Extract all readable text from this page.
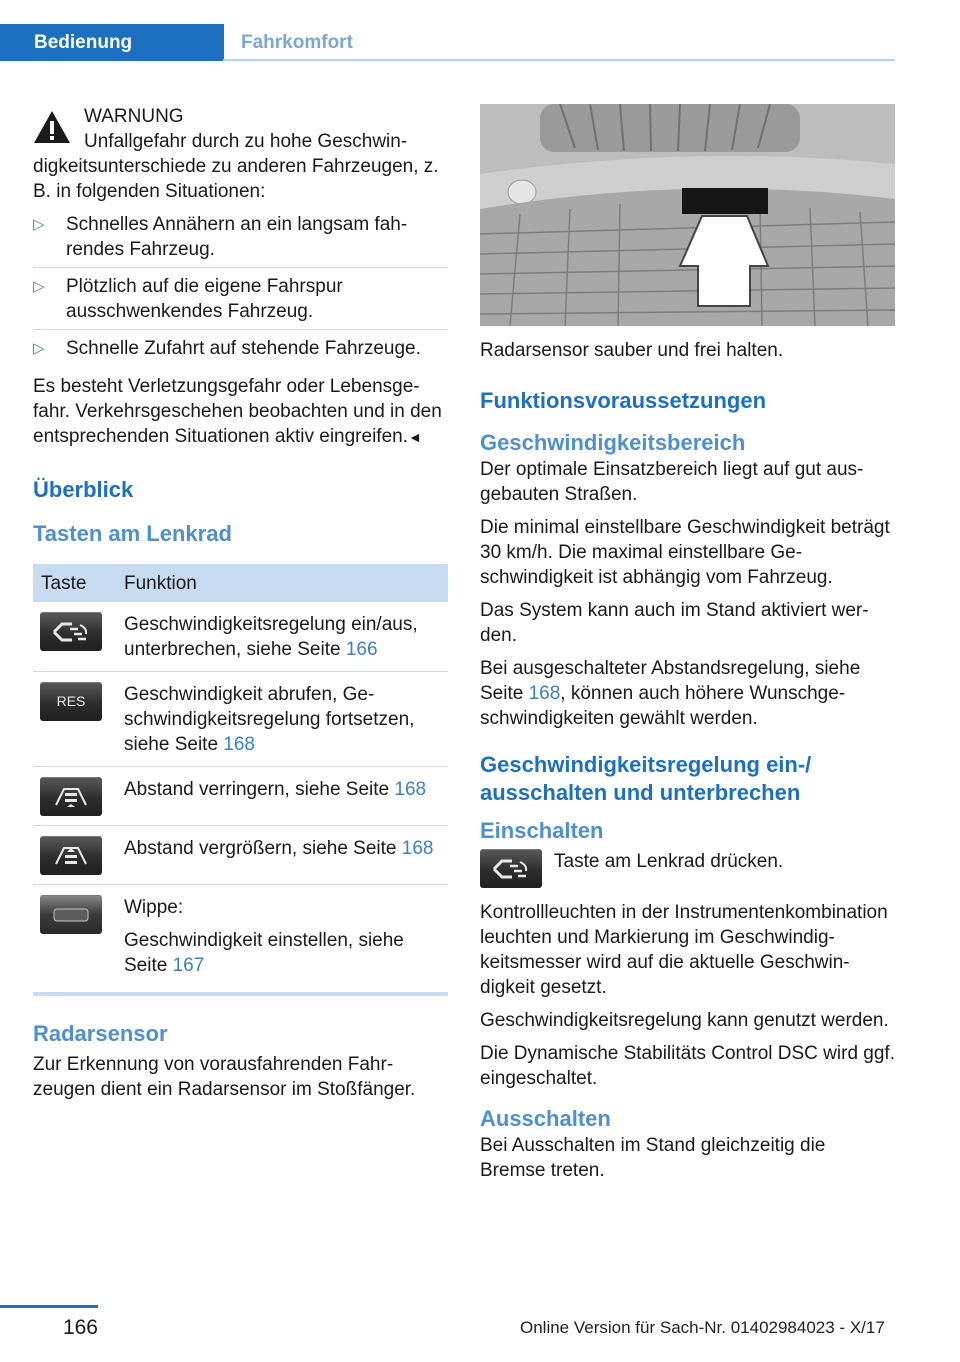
Bedienung	Fahrkomfort

WARNUNG

Unfallgefahr durch zu hohe Geschwin-

digkeitsunterschiede zu anderen Fahrzeugen, z. B. in folgenden Situationen:

▷ Schnelles Annähern an ein langsam fahrendes Fahrzeug.
▷ Plötzlich auf die eigene Fahrspur ausschwenkendes Fahrzeug.
▷ Schnelle Zufahrt auf stehende Fahrzeuge.

Es besteht Verletzungsgefahr oder Lebensgefahr. Verkehrsgeschehen beobachten und in den entsprechenden Situationen aktiv eingreifen.◄

Überblick
Tasten am Lenkrad
Taste	Funktion

	Geschwindigkeitsregelung ein/aus, unterbrechen, siehe Seite 166

RES	Geschwindigkeit abrufen, Geschwindigkeitsregelung fortsetzen, siehe Seite 168

	Abstand verringern, siehe Seite 168

	Abstand vergrößern, siehe Seite 168

Wippe:

Geschwindigkeit einstellen, siehe Seite 167
Radarsensor

Zur Erkennung von vorausfahrenden Fahrzeugen dient ein Radarsensor im Stoßfänger.

Radarsensor sauber und frei halten.

Funktionsvoraussetzungen
Geschwindigkeitsbereich

Der optimale Einsatzbereich liegt auf gut ausgebauten Straßen.

Die minimal einstellbare Geschwindigkeit beträgt 30 km/h. Die maximal einstellbare Geschwindigkeit ist abhängig vom Fahrzeug.

Das System kann auch im Stand aktiviert werden.

Bei ausgeschalteter Abstandsregelung, siehe Seite 168, können auch höhere Wunschgeschwindigkeiten gewählt werden.

Geschwindigkeitsregelung ein-/ ausschalten und unterbrechen
Einschalten
Taste am Lenkrad drücken.

Kontrollleuchten in der Instrumentenkombination leuchten und Markierung im Geschwindigkeitsmesser wird auf die aktuelle Geschwindigkeit gesetzt.

Geschwindigkeitsregelung kann genutzt werden.

Die Dynamische Stabilitäts Control DSC wird ggf. eingeschaltet.

Ausschalten

Bei Ausschalten im Stand gleichzeitig die Bremse treten.

166	Online Version für Sach-Nr. 01402984023 - X/17
